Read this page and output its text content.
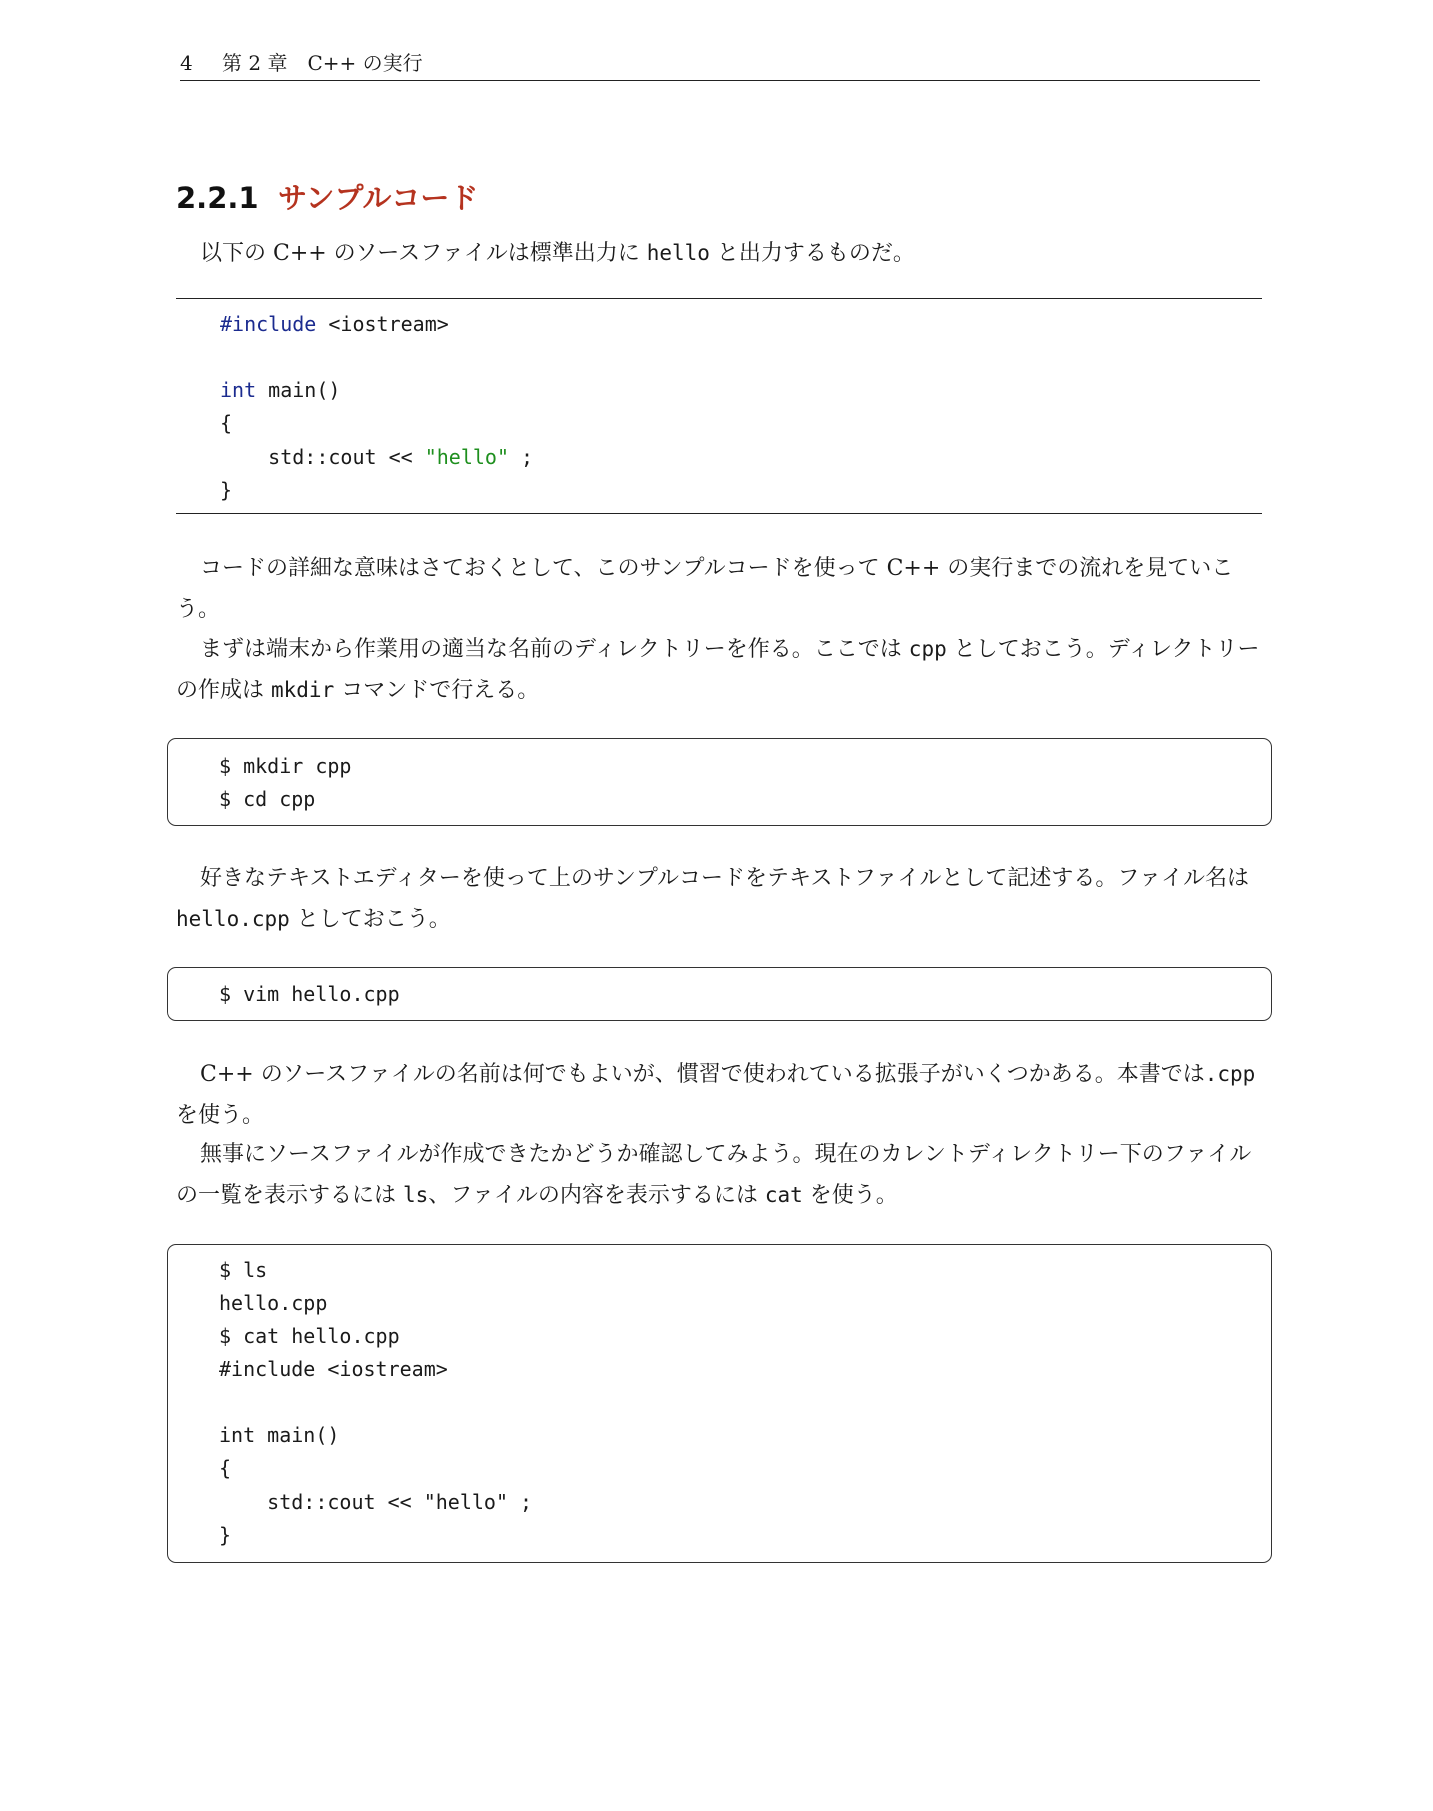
4 第 2 章　C++ の実行
2.2.1 サンプルコード

以下の C++ のソースファイルは標準出力に hello と出力するものだ。

#include <iostream>
int main()
{
std::cout << "hello" ;
}

コードの詳細な意味はさておくとして、このサンプルコードを使って C++ の実行までの流れを見ていこう。

まずは端末から作業用の適当な名前のディレクトリーを作る。ここでは cpp としておこう。ディレクトリーの作成は mkdir コマンドで行える。

$ mkdir cpp
$ cd cpp

好きなテキストエディターを使って上のサンプルコードをテキストファイルとして記述する。ファイル名は hello.cpp としておこう。

$ vim hello.cpp

C++ のソースファイルの名前は何でもよいが、慣習で使われている拡張子がいくつかある。本書では.cpp を使う。

無事にソースファイルが作成できたかどうか確認してみよう。現在のカレントディレクトリー下のファイルの一覧を表示するには ls、ファイルの内容を表示するには cat を使う。

$ ls
hello.cpp
$ cat hello.cpp
#include <iostream>
int main()
{
std::cout << "hello" ;
}
